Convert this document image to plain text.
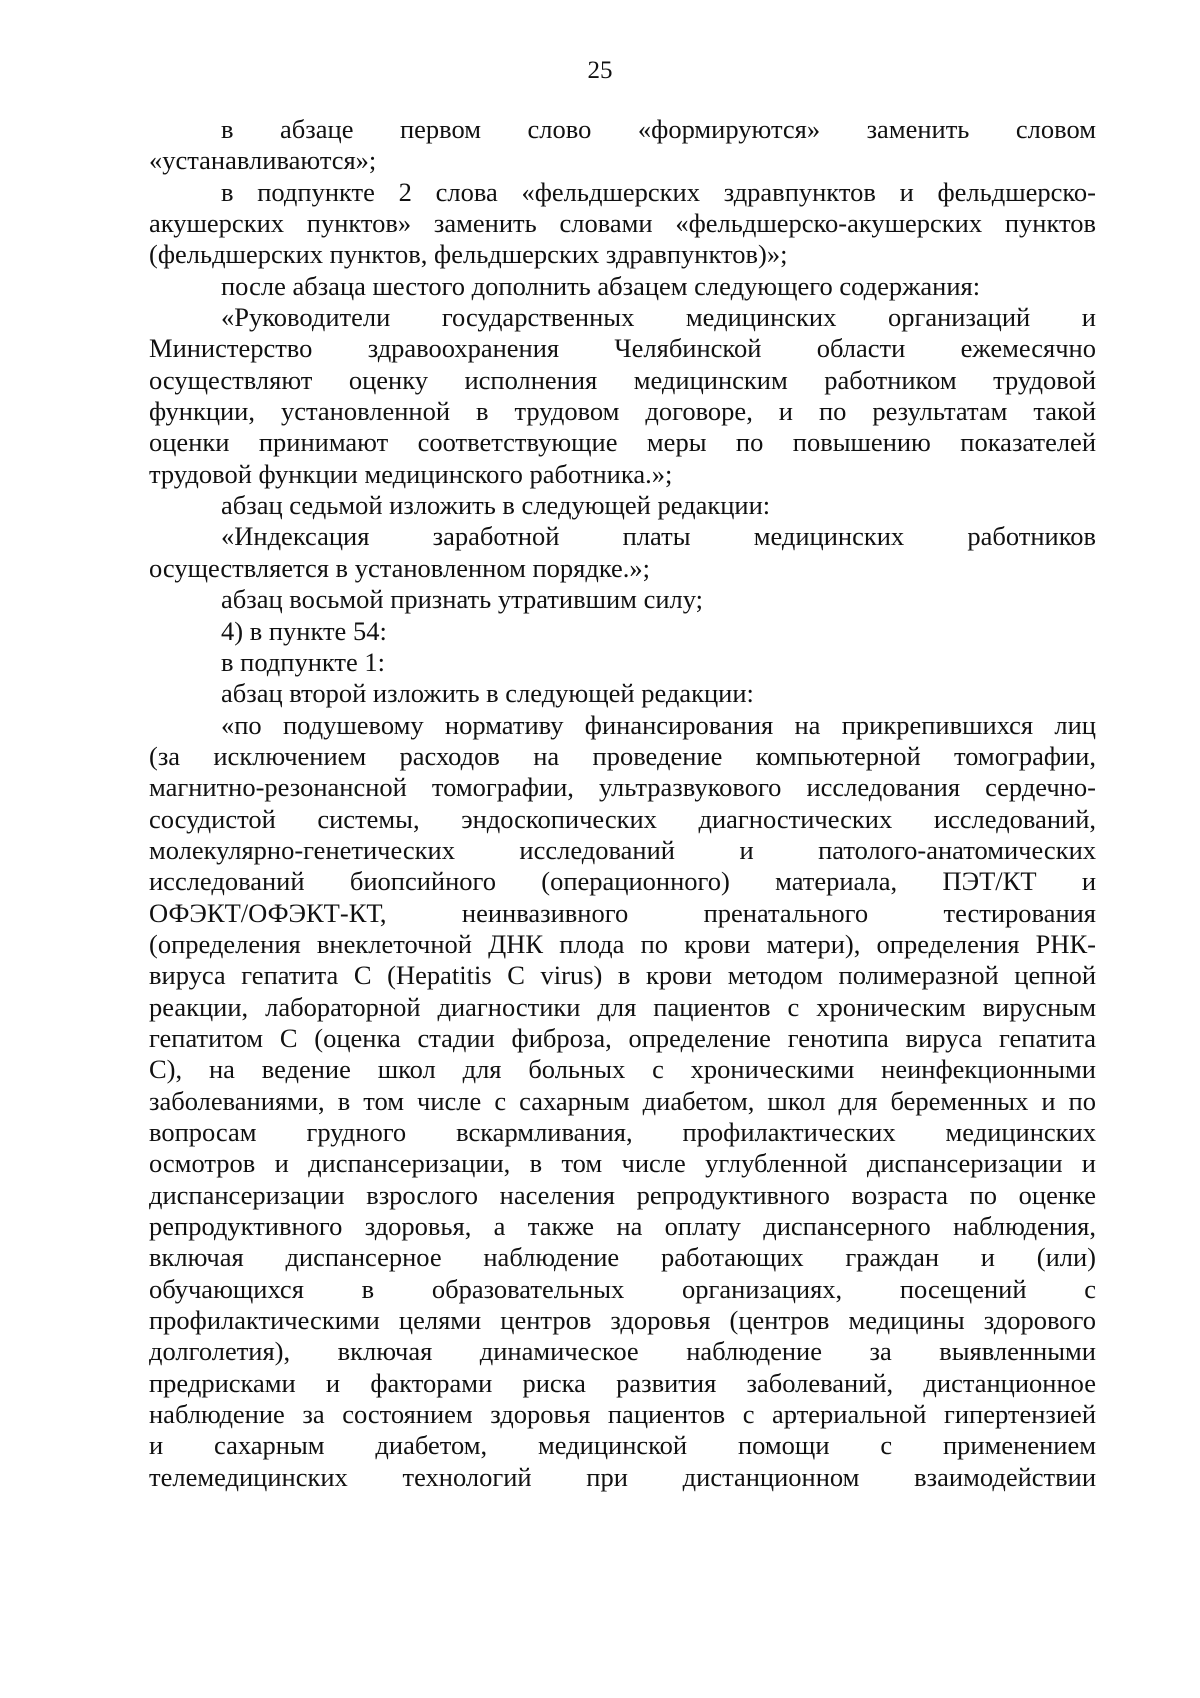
25
в абзаце первом слово «формируются» заменить словом
«устанавливаются»;
в подпункте 2 слова «фельдшерских здравпунктов и фельдшерско-
акушерских пунктов» заменить словами «фельдшерско-акушерских пунктов
(фельдшерских пунктов, фельдшерских здравпунктов)»;
после абзаца шестого дополнить абзацем следующего содержания:
«Руководители государственных медицинских организаций и
Министерство здравоохранения Челябинской области ежемесячно
осуществляют оценку исполнения медицинским работником трудовой
функции, установленной в трудовом договоре, и по результатам такой
оценки принимают соответствующие меры по повышению показателей
трудовой функции медицинского работника.»;
абзац седьмой изложить в следующей редакции:
«Индексация заработной платы медицинских работников
осуществляется в установленном порядке.»;
абзац восьмой признать утратившим силу;
4) в пункте 54:
в подпункте 1:
абзац второй изложить в следующей редакции:
«по подушевому нормативу финансирования на прикрепившихся лиц
(за исключением расходов на проведение компьютерной томографии,
магнитно-резонансной томографии, ультразвукового исследования сердечно-
сосудистой системы, эндоскопических диагностических исследований,
молекулярно-генетических исследований и патолого-анатомических
исследований биопсийного (операционного) материала, ПЭТ/КТ и
ОФЭКТ/ОФЭКТ-КТ, неинвазивного пренатального тестирования
(определения внеклеточной ДНК плода по крови матери), определения РНК-
вируса гепатита С (Hepatitis C virus) в крови методом полимеразной цепной
реакции, лабораторной диагностики для пациентов с хроническим вирусным
гепатитом С (оценка стадии фиброза, определение генотипа вируса гепатита
С), на ведение школ для больных с хроническими неинфекционными
заболеваниями, в том числе с сахарным диабетом, школ для беременных и по
вопросам грудного вскармливания, профилактических медицинских
осмотров и диспансеризации, в том числе углубленной диспансеризации и
диспансеризации взрослого населения репродуктивного возраста по оценке
репродуктивного здоровья, а также на оплату диспансерного наблюдения,
включая диспансерное наблюдение работающих граждан и (или)
обучающихся в образовательных организациях, посещений с
профилактическими целями центров здоровья (центров медицины здорового
долголетия), включая динамическое наблюдение за выявленными
предрисками и факторами риска развития заболеваний, дистанционное
наблюдение за состоянием здоровья пациентов с артериальной гипертензией
и сахарным диабетом, медицинской помощи с применением
телемедицинских технологий при дистанционном взаимодействии
